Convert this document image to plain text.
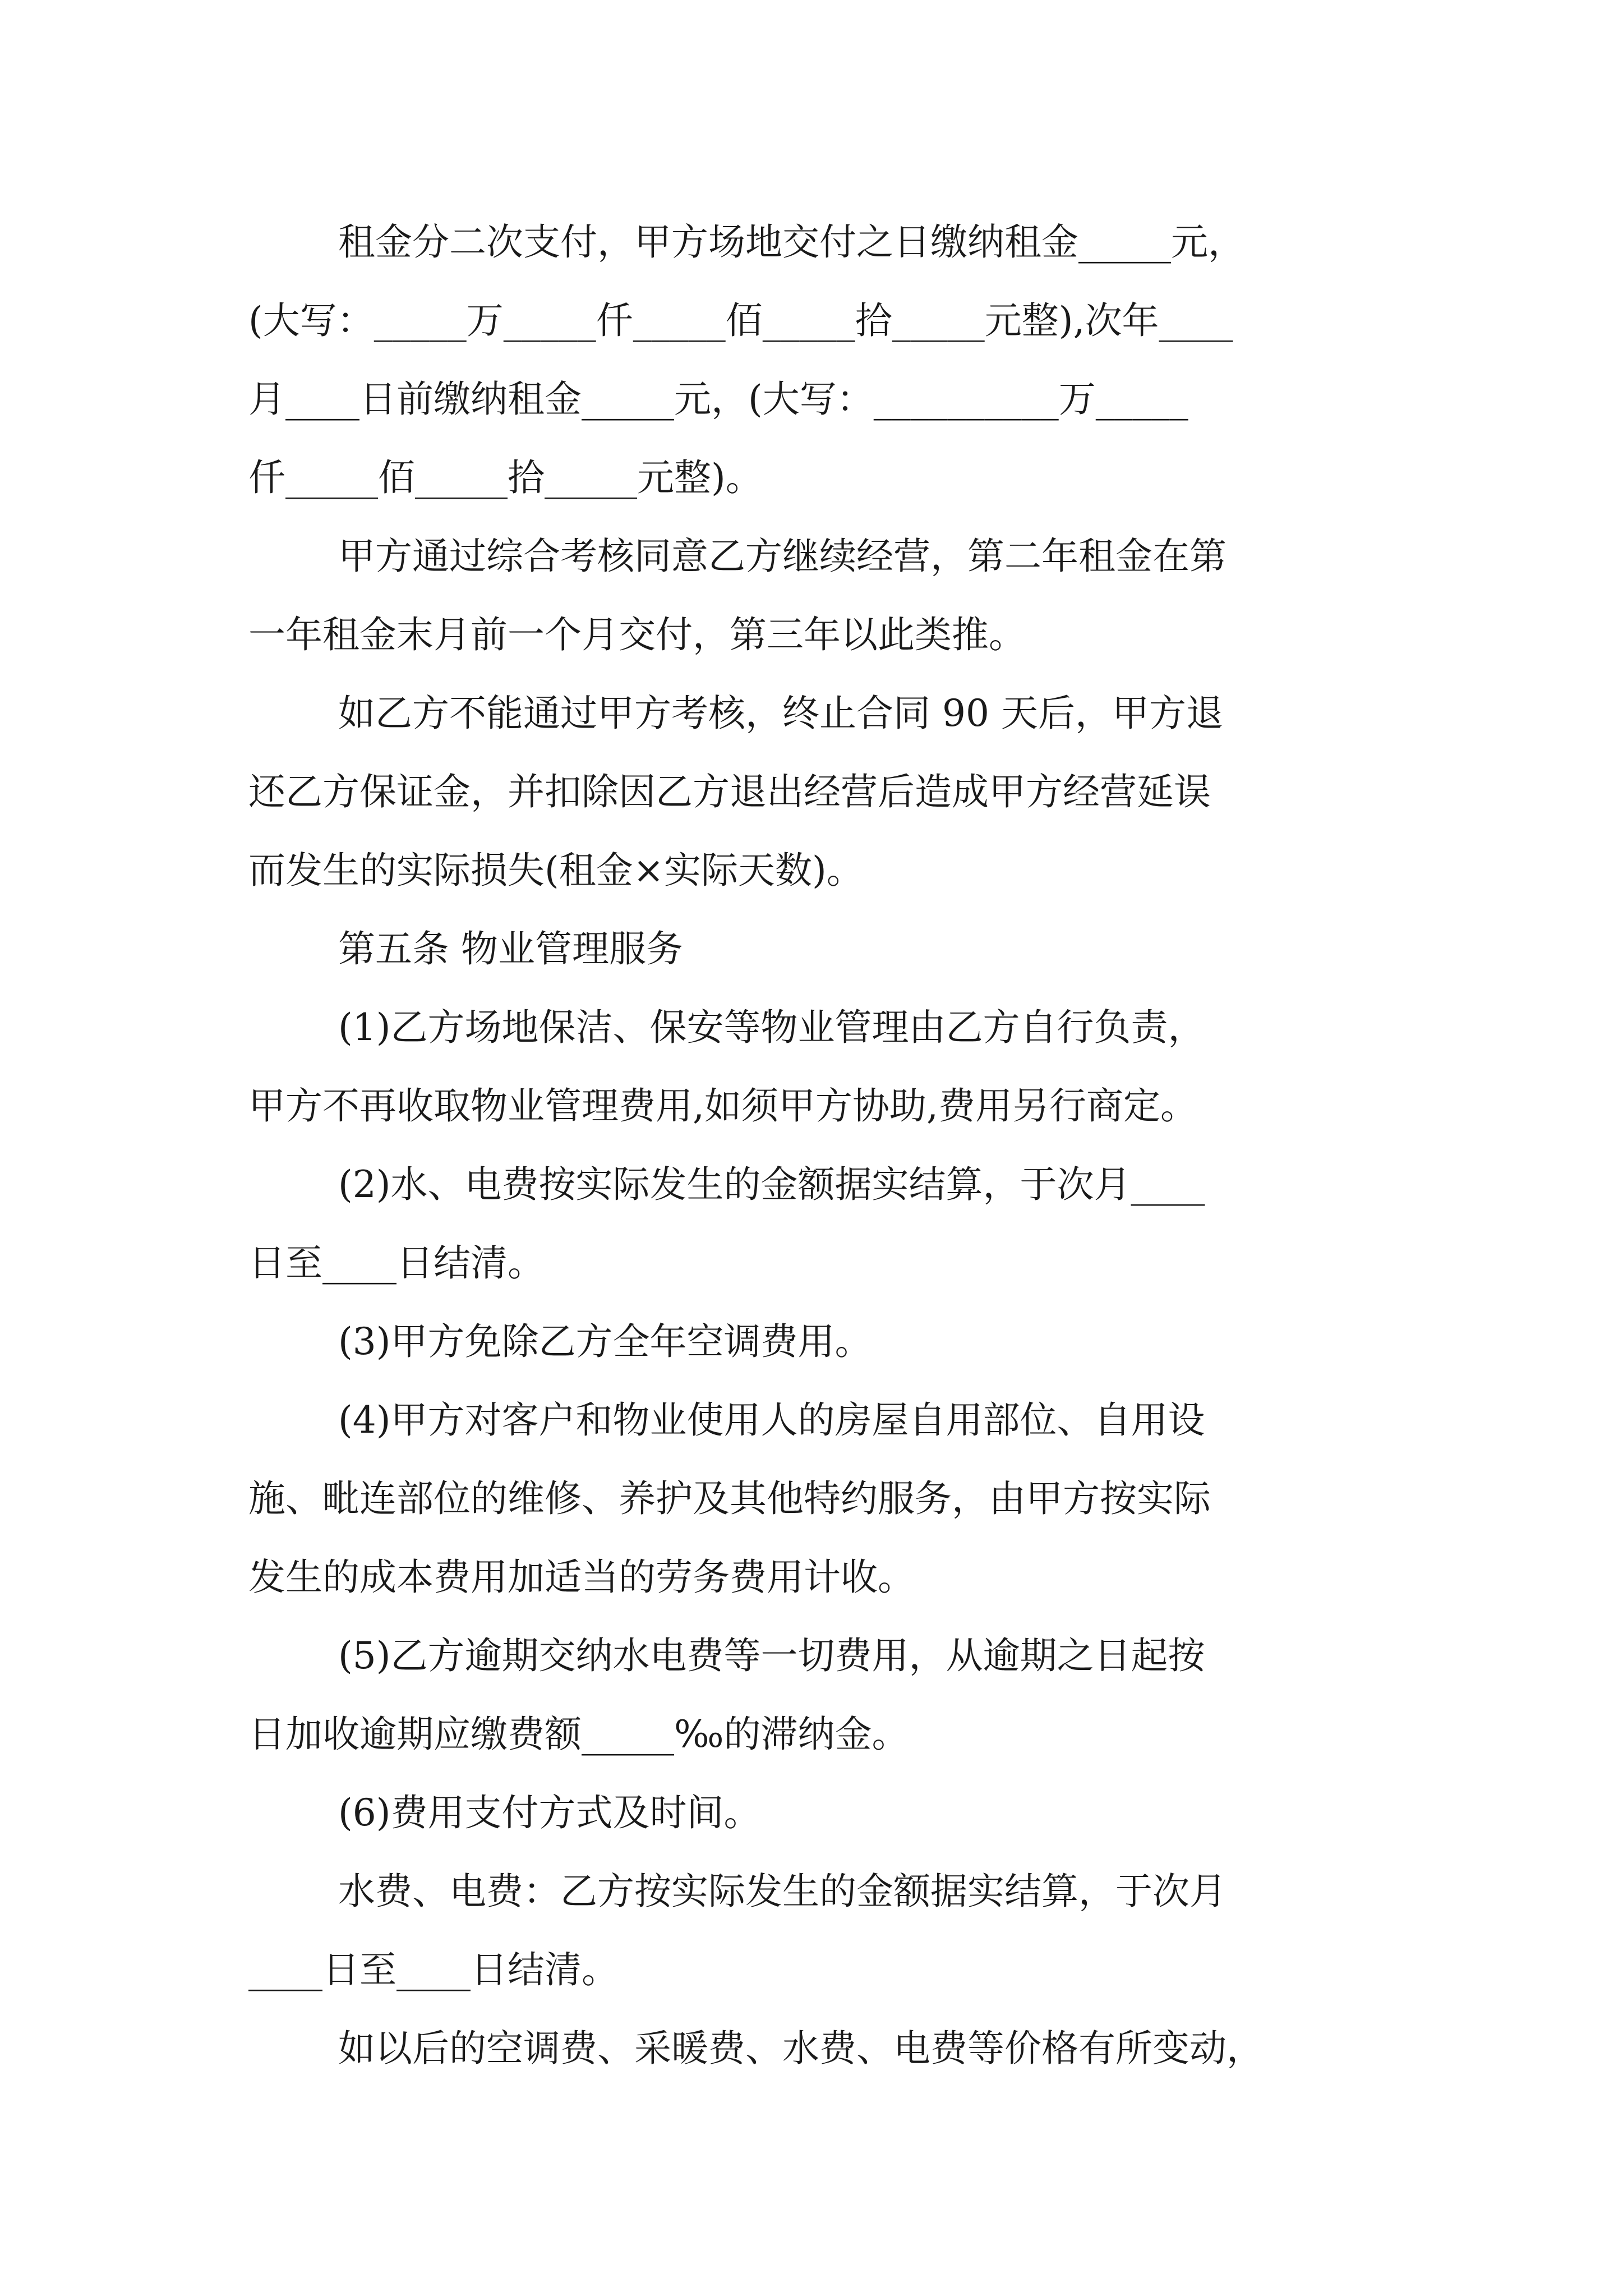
租金分二次支付，甲方场地交付之日缴纳租金_____元，
(大写：_____万_____仟_____佰_____拾_____元整),次年____
月____日前缴纳租金_____元，(大写：__________万_____
仟_____佰_____拾_____元整)。
甲方通过综合考核同意乙方继续经营，第二年租金在第
一年租金末月前一个月交付，第三年以此类推。
如乙方不能通过甲方考核，终止合同 90 天后，甲方退
还乙方保证金，并扣除因乙方退出经营后造成甲方经营延误
而发生的实际损失(租金×实际天数)。
第五条 物业管理服务
(1)乙方场地保洁、保安等物业管理由乙方自行负责，
甲方不再收取物业管理费用,如须甲方协助,费用另行商定。
(2)水、电费按实际发生的金额据实结算，于次月____
日至____日结清。
(3)甲方免除乙方全年空调费用。
(4)甲方对客户和物业使用人的房屋自用部位、自用设
施、毗连部位的维修、养护及其他特约服务，由甲方按实际
发生的成本费用加适当的劳务费用计收。
(5)乙方逾期交纳水电费等一切费用，从逾期之日起按
日加收逾期应缴费额_____‰的滞纳金。
(6)费用支付方式及时间。
水费、电费：乙方按实际发生的金额据实结算，于次月
____日至____日结清。
如以后的空调费、采暖费、水费、电费等价格有所变动，
